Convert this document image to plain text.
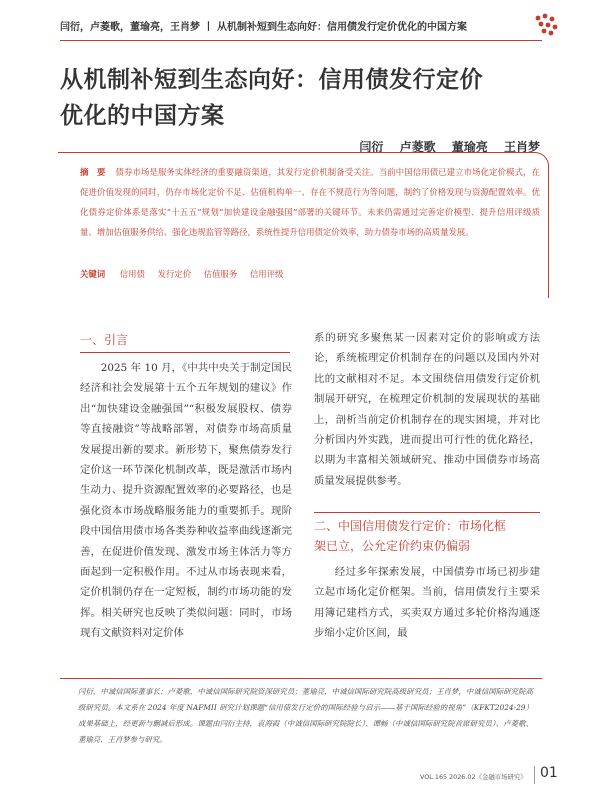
闫衍，卢菱歌，董瑜亮，王肖梦 丨 从机制补短到生态向好：信用债发行定价优化的中国方案
从机制补短到生态向好：信用债发行定价
优化的中国方案
闫衍 卢菱歌 董瑜亮 王肖梦
摘　要 债券市场是服务实体经济的重要融资渠道，其发行定价机制备受关注。当前中国信用债已建立市场化定价模式，在促进价值发现的同时，仍存市场化定价不足、估值机构单一、存在不规范行为等问题，制约了价格发现与资源配置效率。优化债券定价体系是落实“十五五”规划“加快建设金融强国”部署的关键环节。未来仍需通过完善定价模型、提升信用评级质量、增加估值服务供给、强化违规监管等路径，系统性提升信用债定价效率，助力债券市场的高质量发展。
关键词 信用债 发行定价 估值服务 信用评级
一、引言

2025 年 10 月，《中共中央关于制定国民经济和社会发展第十五个五年规划的建议》作出“加快建设金融强国”“积极发展股权、债券等直接融资”等战略部署，对债券市场高质量发展提出新的要求。新形势下，聚焦债券发行定价这一环节深化机制改革，既是激活市场内生动力、提升资源配置效率的必要路径，也是强化资本市场战略服务能力的重要抓手。现阶段中国信用债市场各类券种收益率曲线逐渐完善，在促进价值发现、激发市场主体活力等方面起到一定积极作用。不过从市场表现来看，定价机制仍存在一定短板，制约市场功能的发挥。相关研究也反映了类似问题：同时，市场现有文献资料对定价体

系的研究多聚焦某一因素对定价的影响或方法论，系统梳理定价机制存在的问题以及国内外对比的文献相对不足。本文围绕信用债发行定价机制展开研究，在梳理定价机制的发展现状的基础上，剖析当前定价机制存在的现实困境，并对比分析国内外实践，进而提出可行性的优化路径，以期为丰富相关领域研究、推动中国债券市场高质量发展提供参考。

二、中国信用债发行定价：市场化框
架已立，公允定价约束仍偏弱

经过多年探索发展，中国债券市场已初步建立起市场化定价框架。当前，信用债发行主要采用簿记建档方式，买卖双方通过多轮价格沟通逐步缩小定价区间，最

闫衍，中诚信国际董事长；卢菱歌，中诚信国际研究院资深研究员；董瑜亮，中诚信国际研究院高级研究员；王肖梦，中诚信国际研究院高级研究员。本文系在 2024 年度 NAFMII 研究计划课题“信用债发行定价的国际经验与启示——基于国际经验的视角”（KFKT2024-29）成果基础上，经更新与删减后形成。课题由闫衍主持，袁海霞（中诚信国际研究院院长）、谭畅（中诚信国际研究院首席研究员）、卢菱歌、董瑜亮、王肖梦参与研究。
VOL.165 2026.02《金融市场研究》 01
